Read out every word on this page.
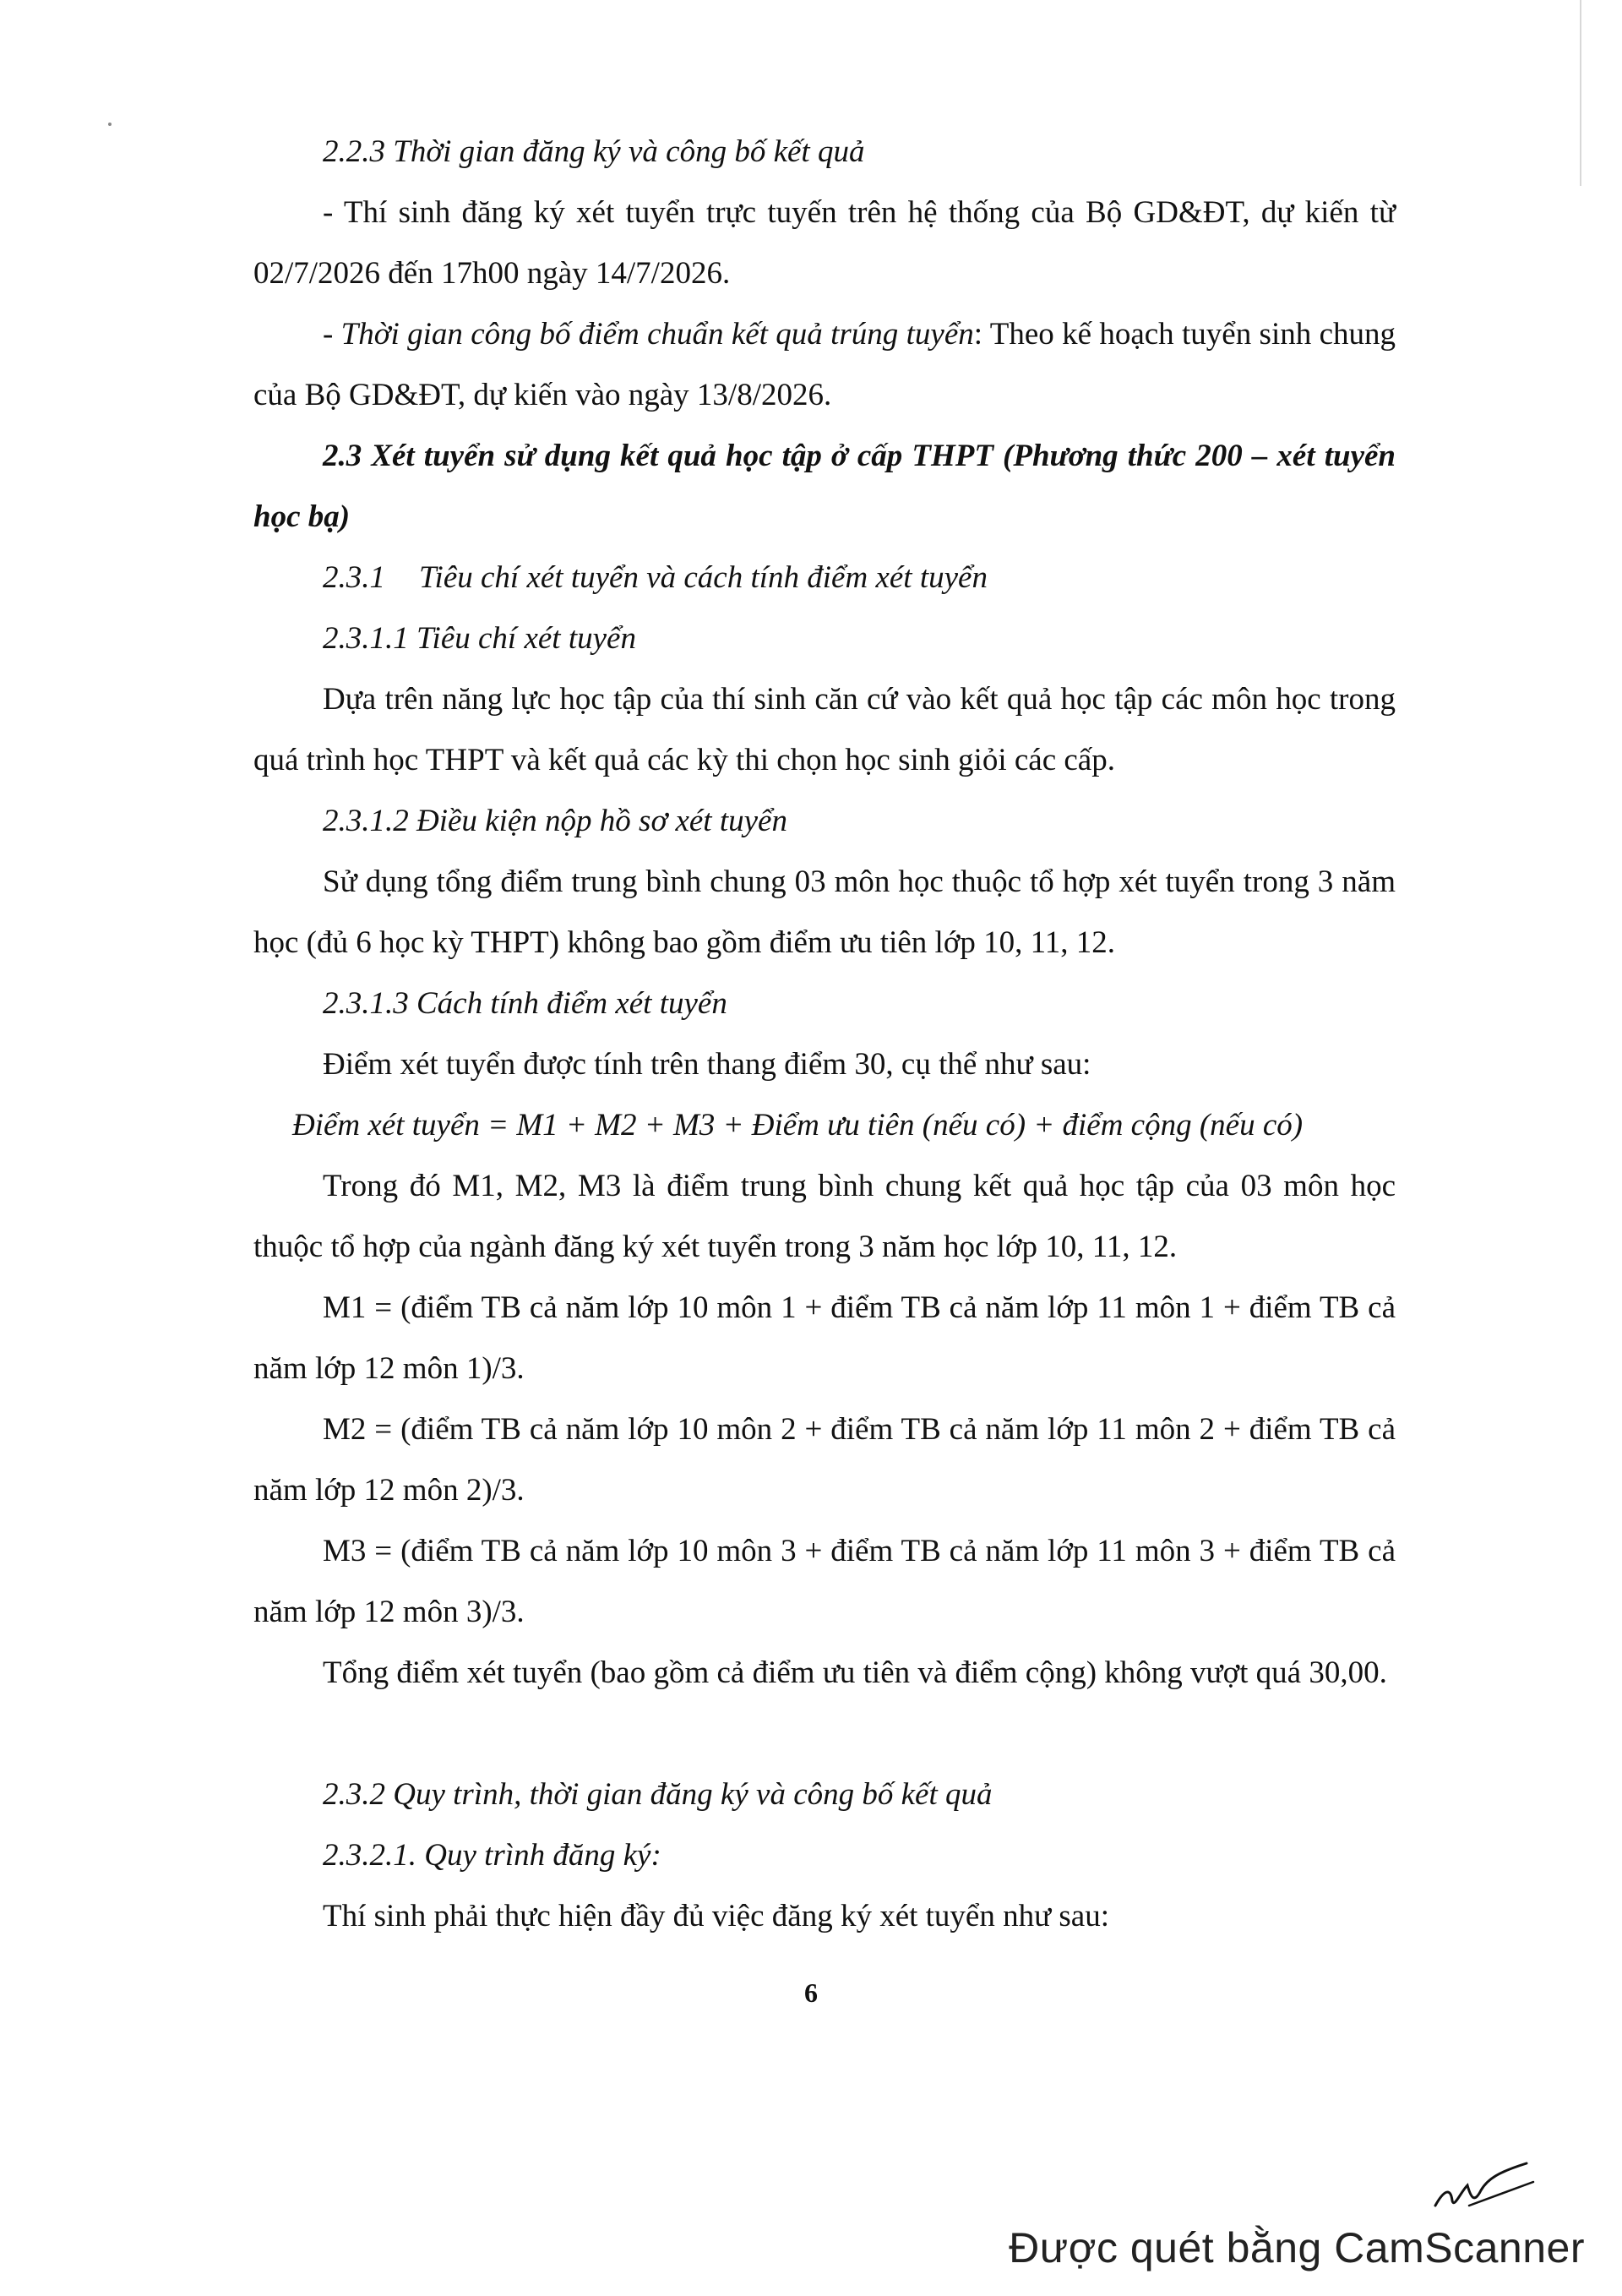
2.2.3 Thời gian đăng ký và công bố kết quả
- Thí sinh đăng ký xét tuyển trực tuyến trên hệ thống của Bộ GD&ĐT, dự kiến từ 02/7/2026 đến 17h00 ngày 14/7/2026.
- Thời gian công bố điểm chuẩn kết quả trúng tuyển: Theo kế hoạch tuyển sinh chung của Bộ GD&ĐT, dự kiến vào ngày 13/8/2026.
2.3 Xét tuyển sử dụng kết quả học tập ở cấp THPT (Phương thức 200 – xét tuyển học bạ)
2.3.1 Tiêu chí xét tuyển và cách tính điểm xét tuyển
2.3.1.1 Tiêu chí xét tuyển
Dựa trên năng lực học tập của thí sinh căn cứ vào kết quả học tập các môn học trong quá trình học THPT và kết quả các kỳ thi chọn học sinh giỏi các cấp.
2.3.1.2 Điều kiện nộp hồ sơ xét tuyển
Sử dụng tổng điểm trung bình chung 03 môn học thuộc tổ hợp xét tuyển trong 3 năm học (đủ 6 học kỳ THPT) không bao gồm điểm ưu tiên lớp 10, 11, 12.
2.3.1.3 Cách tính điểm xét tuyển
Điểm xét tuyển được tính trên thang điểm 30, cụ thể như sau:
Điểm xét tuyển = M1 + M2 + M3 + Điểm ưu tiên (nếu có) + điểm cộng (nếu có)
Trong đó M1, M2, M3 là điểm trung bình chung kết quả học tập của 03 môn học thuộc tổ hợp của ngành đăng ký xét tuyển trong 3 năm học lớp 10, 11, 12.
M1 = (điểm TB cả năm lớp 10 môn 1 + điểm TB cả năm lớp 11 môn 1 + điểm TB cả năm lớp 12 môn 1)/3.
M2 = (điểm TB cả năm lớp 10 môn 2 + điểm TB cả năm lớp 11 môn 2 + điểm TB cả năm lớp 12 môn 2)/3.
M3 = (điểm TB cả năm lớp 10 môn 3 + điểm TB cả năm lớp 11 môn 3 + điểm TB cả năm lớp 12 môn 3)/3.
Tổng điểm xét tuyển (bao gồm cả điểm ưu tiên và điểm cộng) không vượt quá 30,00.
2.3.2 Quy trình, thời gian đăng ký và công bố kết quả
2.3.2.1. Quy trình đăng ký:
Thí sinh phải thực hiện đầy đủ việc đăng ký xét tuyển như sau:
6
Được quét bằng CamScanner
